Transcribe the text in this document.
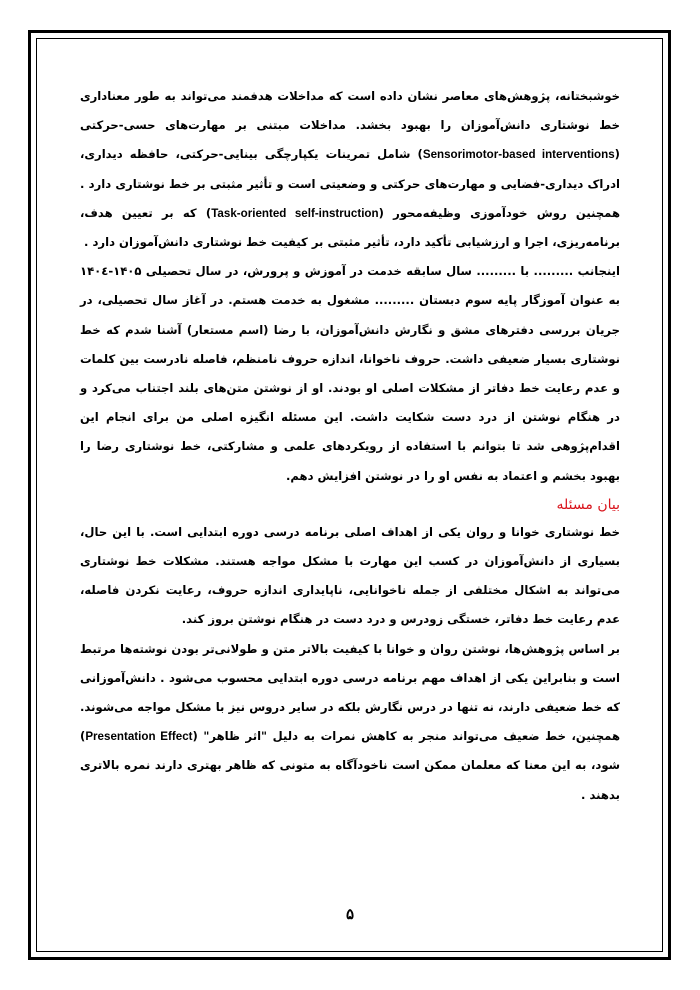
خوشبختانه، پژوهش‌های معاصر نشان داده است که مداخلات هدفمند می‌تواند به طور معناداری خط نوشتاری دانش‌آموزان را بهبود بخشد. مداخلات مبتنی بر مهارت‌های حسی-حرکتی (Sensorimotor-based interventions) شامل تمرینات یکپارچگی بینایی-حرکتی، حافظه دیداری، ادراک دیداری-فضایی و مهارت‌های حرکتی و وضعیتی است و تأثیر مثبتی بر خط نوشتاری دارد . همچنین روش خودآموزی وظیفه‌محور (Task-oriented self-instruction) که بر تعیین هدف، برنامه‌ریزی، اجرا و ارزشیابی تأکید دارد، تأثیر مثبتی بر کیفیت خط نوشتاری دانش‌آموزان دارد .

اینجانب ......... با ......... سال سابقه خدمت در آموزش و پرورش، در سال تحصیلی ۱۴۰۵-۱۴۰٤ به عنوان آموزگار پایه سوم دبستان ......... مشغول به خدمت هستم. در آغاز سال تحصیلی، در جریان بررسی دفترهای مشق و نگارش دانش‌آموزان، با رضا (اسم مستعار) آشنا شدم که خط نوشتاری بسیار ضعیفی داشت. حروف ناخوانا، اندازه حروف نامنظم، فاصله نادرست بین کلمات و عدم رعایت خط دفاتر از مشکلات اصلی او بودند. او از نوشتن متن‌های بلند اجتناب می‌کرد و در هنگام نوشتن از درد دست شکایت داشت. این مسئله انگیزه اصلی من برای انجام این اقدام‌پژوهی شد تا بتوانم با استفاده از رویکردهای علمی و مشارکتی، خط نوشتاری رضا را بهبود بخشم و اعتماد به نفس او را در نوشتن افزایش دهم.

بیان مسئله

خط نوشتاری خوانا و روان یکی از اهداف اصلی برنامه درسی دوره ابتدایی است. با این حال، بسیاری از دانش‌آموزان در کسب این مهارت با مشکل مواجه هستند. مشکلات خط نوشتاری می‌تواند به اشکال مختلفی از جمله ناخوانایی، ناپایداری اندازه حروف، رعایت نکردن فاصله، عدم رعایت خط دفاتر، خستگی زودرس و درد دست در هنگام نوشتن بروز کند.

بر اساس پژوهش‌ها، نوشتن روان و خوانا با کیفیت بالاتر متن و طولانی‌تر بودن نوشته‌ها مرتبط است و بنابراین یکی از اهداف مهم برنامه درسی دوره ابتدایی محسوب می‌شود . دانش‌آموزانی که خط ضعیفی دارند، نه تنها در درس نگارش بلکه در سایر دروس نیز با مشکل مواجه می‌شوند. همچنین، خط ضعیف می‌تواند منجر به کاهش نمرات به دلیل "اثر ظاهر" (Presentation Effect) شود، به این معنا که معلمان ممکن است ناخودآگاه به متونی که ظاهر بهتری دارند نمره بالاتری بدهند .

۵
